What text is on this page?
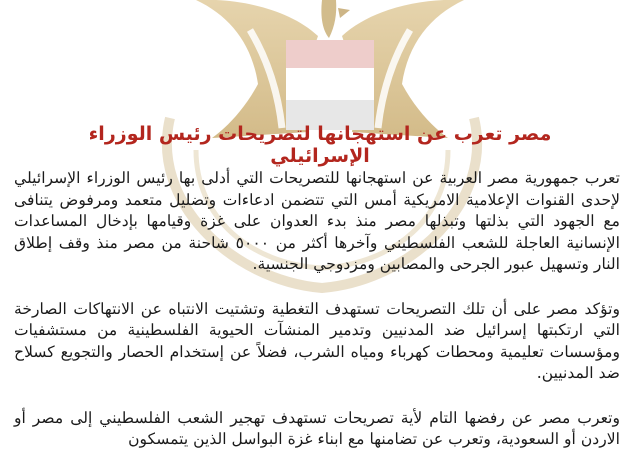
مصر تعرب عن استهجانها لتصريحات رئيس الوزراء الإسرائيلي

تعرب جمهورية مصر العربية عن استهجانها للتصريحات التي أدلى بها رئيس الوزراء الإسرائيلي لإحدى القنوات الإعلامية الامريكية أمس التي تتضمن ادعاءات وتضليل متعمد ومرفوض يتنافى مع الجهود التي بذلتها وتبذلها مصر منذ بدء العدوان على غزة وقيامها بإدخال المساعدات الإنسانية العاجلة للشعب الفلسطيني وآخرها أكثر من ٥٠٠٠ شاحنة من مصر منذ وقف إطلاق النار وتسهيل عبور الجرحى والمصابين ومزدوجي الجنسية.

وتؤكد مصر على أن تلك التصريحات تستهدف التغطية وتشتيت الانتباه عن الانتهاكات الصارخة التي ارتكبتها إسرائيل ضد المدنيين وتدمير المنشآت الحيوية الفلسطينية من مستشفيات ومؤسسات تعليمية ومحطات كهرباء ومياه الشرب، فضلاً عن إستخدام الحصار والتجويع كسلاح ضد المدنيين.

وتعرب مصر عن رفضها التام لأية تصريحات تستهدف تهجير الشعب الفلسطيني إلى مصر أو الاردن أو السعودية، وتعرب عن تضامنها مع ابناء غزة البواسل الذين يتمسكون
